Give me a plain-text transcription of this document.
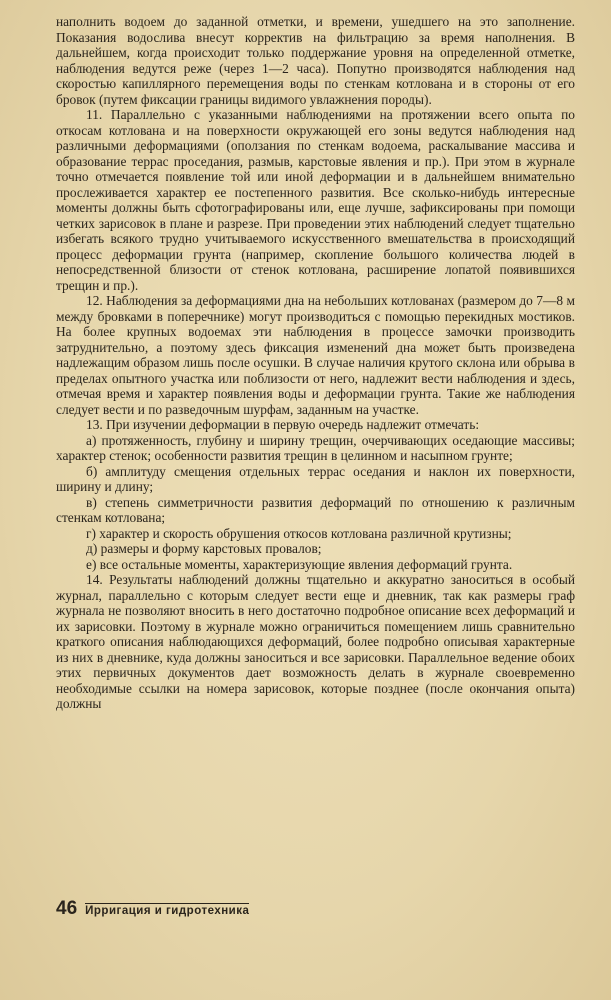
наполнить водоем до заданной отметки, и времени, ушедшего на это заполнение. Показания водослива внесут корректив на фильтрацию за время наполнения. В дальнейшем, когда происходит только поддержание уровня на определенной отметке, наблюдения ведутся реже (через 1—2 часа). Попутно производятся наблюдения над скоростью капиллярного перемещения воды по стенкам котлована и в стороны от его бровок (путем фиксации границы видимого увлажнения породы).

11. Параллельно с указанными наблюдениями на протяжении всего опыта по откосам котлована и на поверхности окружающей его зоны ведутся наблюдения над различными деформациями (оползания по стенкам водоема, раскалывание массива и образование террас проседания, размыв, карстовые явления и пр.). При этом в журнале точно отмечается появление той или иной деформации и в дальнейшем внимательно прослеживается характер ее постепенного развития. Все сколько-нибудь интересные моменты должны быть сфотографированы или, еще лучше, зафиксированы при помощи четких зарисовок в плане и разрезе. При проведении этих наблюдений следует тщательно избегать всякого трудно учитываемого искусственного вмешательства в происходящий процесс деформации грунта (например, скопление большого количества людей в непосредственной близости от стенок котлована, расширение лопатой появившихся трещин и пр.).

12. Наблюдения за деформациями дна на небольших котлованах (размером до 7—8 м между бровками в поперечнике) могут производиться с помощью перекидных мостиков. На более крупных водоемах эти наблюдения в процессе замочки производить затруднительно, а поэтому здесь фиксация изменений дна может быть произведена надлежащим образом лишь после осушки. В случае наличия крутого склона или обрыва в пределах опытного участка или поблизости от него, надлежит вести наблюдения и здесь, отмечая время и характер появления воды и деформации грунта. Такие же наблюдения следует вести и по разведочным шурфам, заданным на участке.

13. При изучении деформации в первую очередь надлежит отмечать:

а) протяженность, глубину и ширину трещин, очерчивающих оседающие массивы; характер стенок; особенности развития трещин в целинном и насыпном грунте;

б) амплитуду смещения отдельных террас оседания и наклон их поверхности, ширину и длину;

в) степень симметричности развития деформаций по отношению к различным стенкам котлована;

г) характер и скорость обрушения откосов котлована различной крутизны;

д) размеры и форму карстовых провалов;

е) все остальные моменты, характеризующие явления деформаций грунта.

14. Результаты наблюдений должны тщательно и аккуратно заноситься в особый журнал, параллельно с которым следует вести еще и дневник, так как размеры граф журнала не позволяют вносить в него достаточно подробное описание всех деформаций и их зарисовки. Поэтому в журнале можно ограничиться помещением лишь сравнительно краткого описания наблюдающихся деформаций, более подробно описывая характерные из них в дневнике, куда должны заноситься и все зарисовки. Параллельное ведение обоих этих первичных документов дает возможность делать в журнале своевременно необходимые ссылки на номера зарисовок, которые позднее (после окончания опыта) должны

46 Ирригация и гидротехника
